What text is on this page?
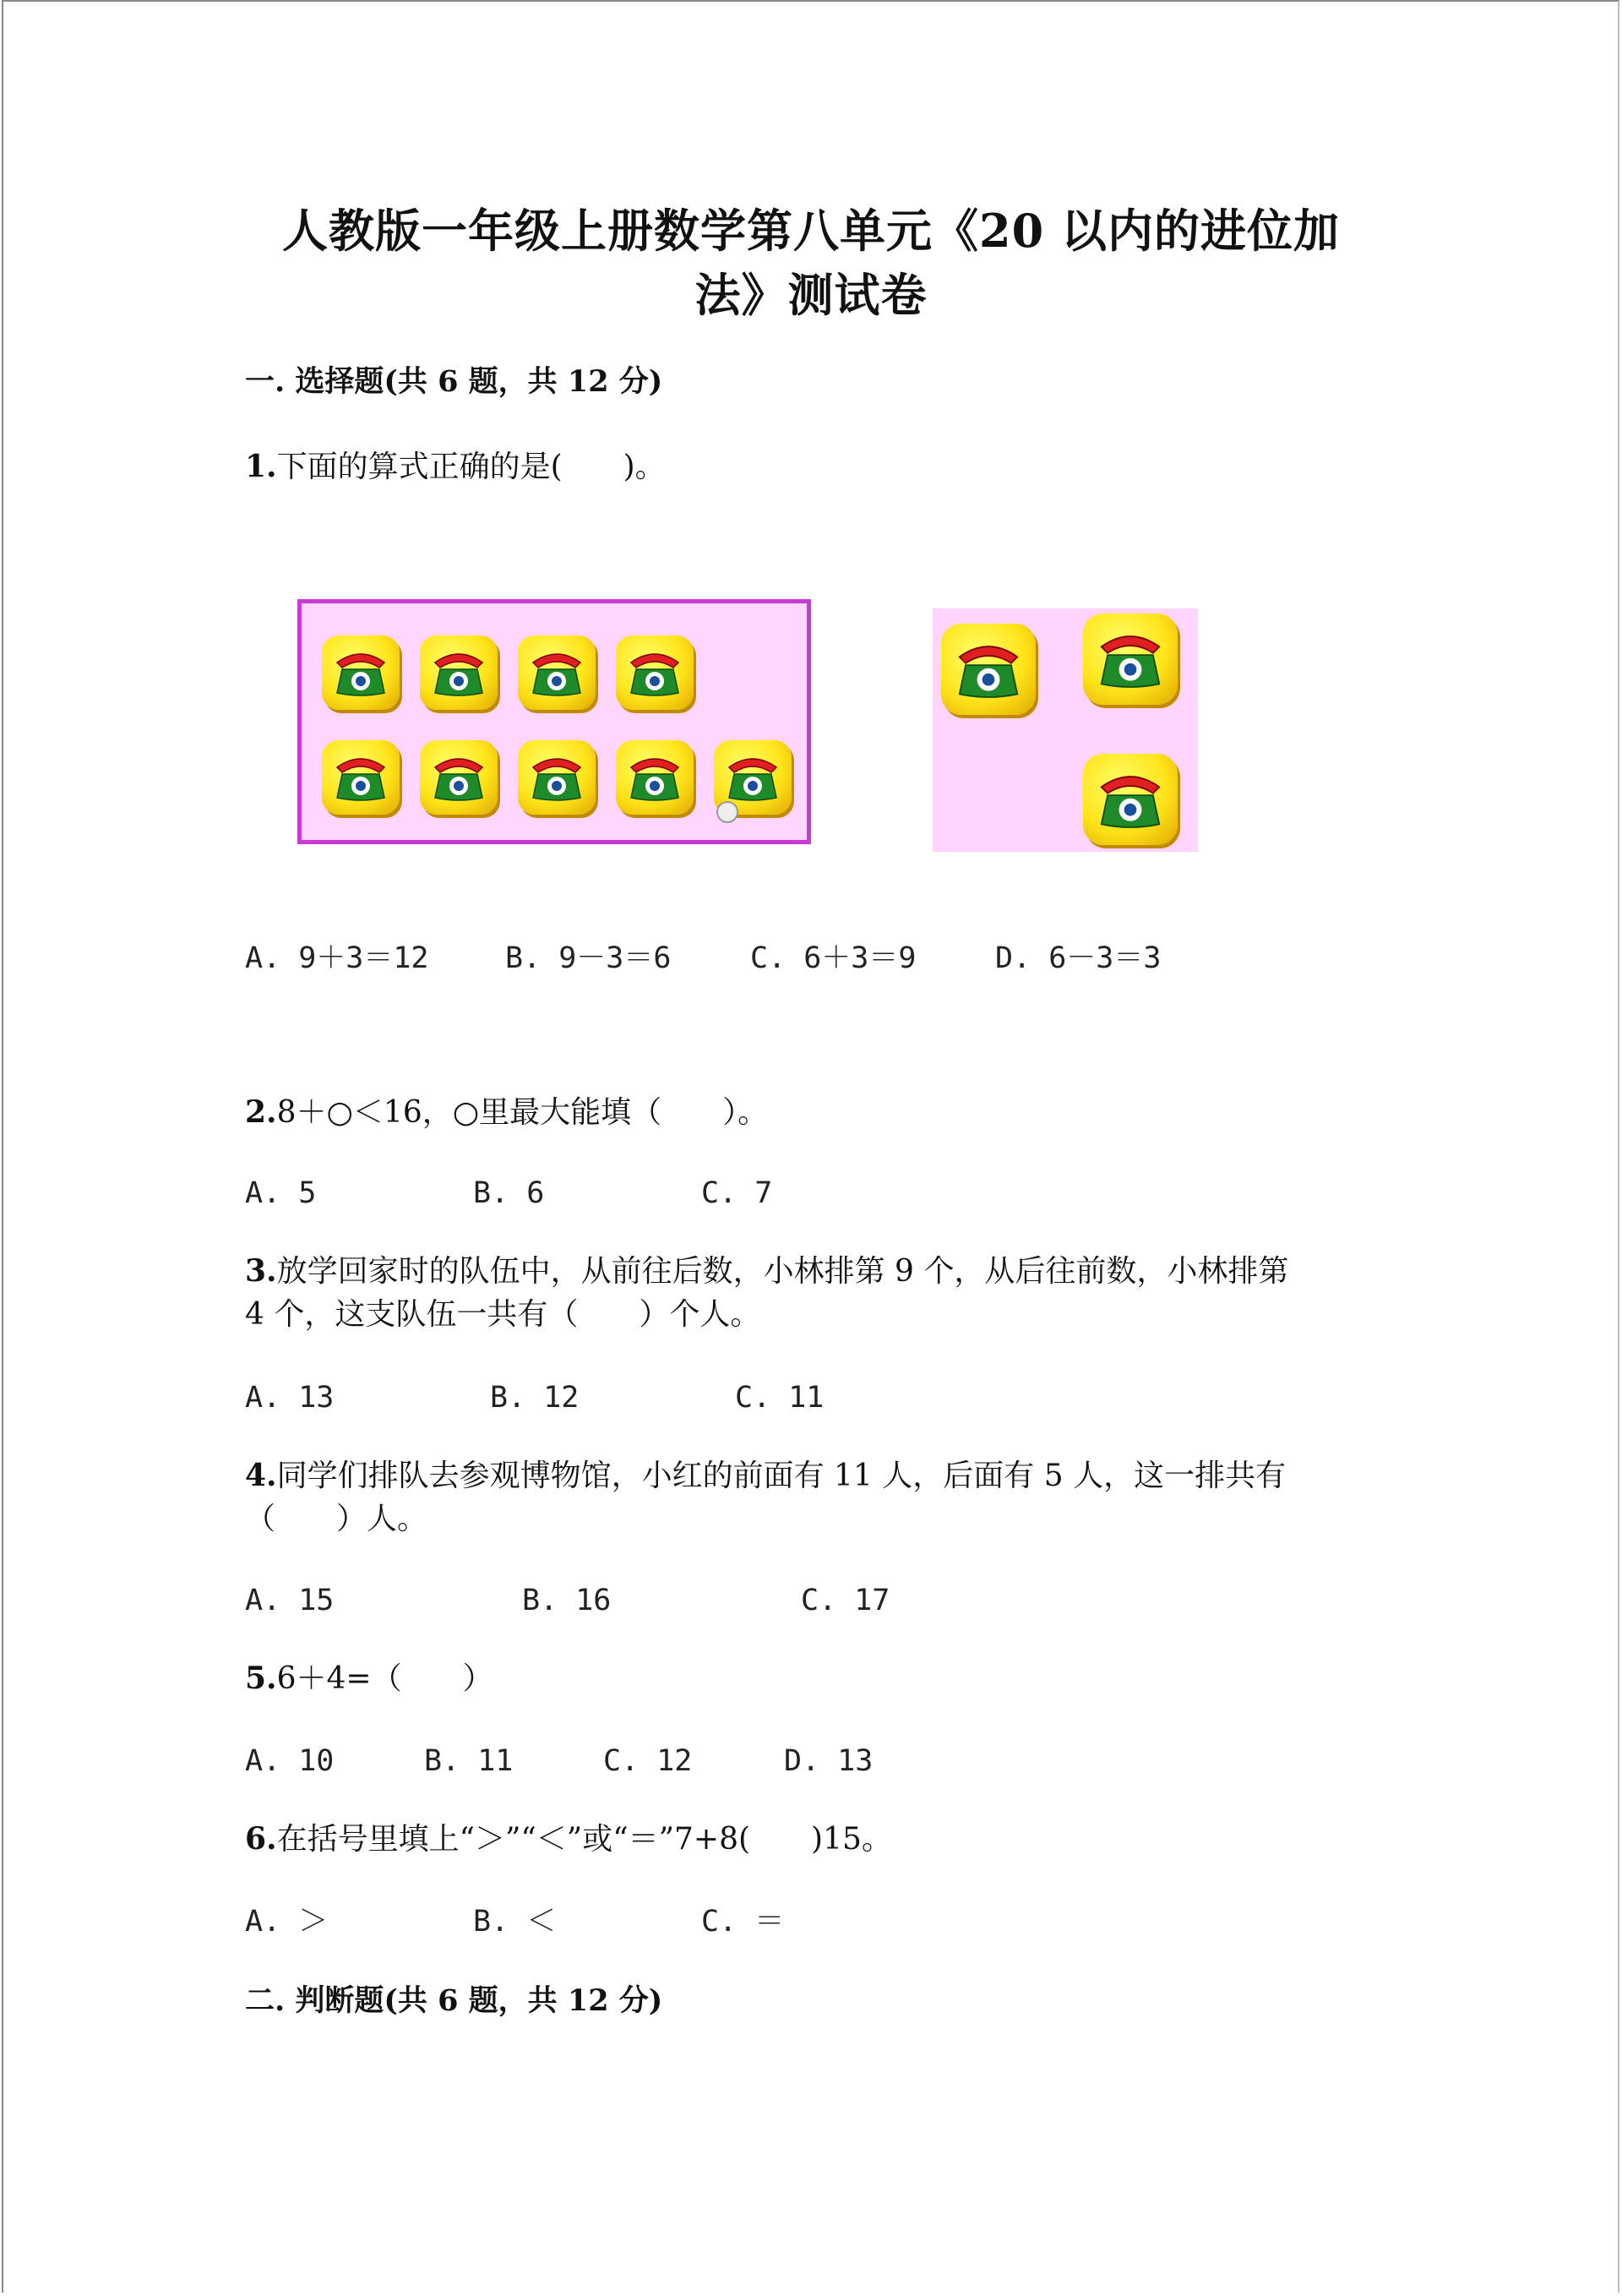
人教版一年级上册数学第八单元《20 以内的进位加
法》测试卷
一. 选择题(共 6 题，共 12 分)
1.下面的算式正确的是(　　)。
A. 9＋3＝12	B. 9－3＝6	C. 6＋3＝9	D. 6－3＝3
2.8＋○＜16，○里最大能填（　　）。
A. 5	B. 6	C. 7
3.放学回家时的队伍中，从前往后数，小林排第 9 个，从后往前数，小林排第
4 个，这支队伍一共有（　　）个人。
A. 13	B. 12	C. 11
4.同学们排队去参观博物馆，小红的前面有 11 人，后面有 5 人，这一排共有
（　　）人。
A. 15	B. 16	C. 17
5.6＋4=（　　）
A. 10	B. 11	C. 12	D. 13
6.在括号里填上“＞”“＜”或“＝”7+8(　　)15。
A. ＞	B. ＜	C. ＝
二. 判断题(共 6 题，共 12 分)
